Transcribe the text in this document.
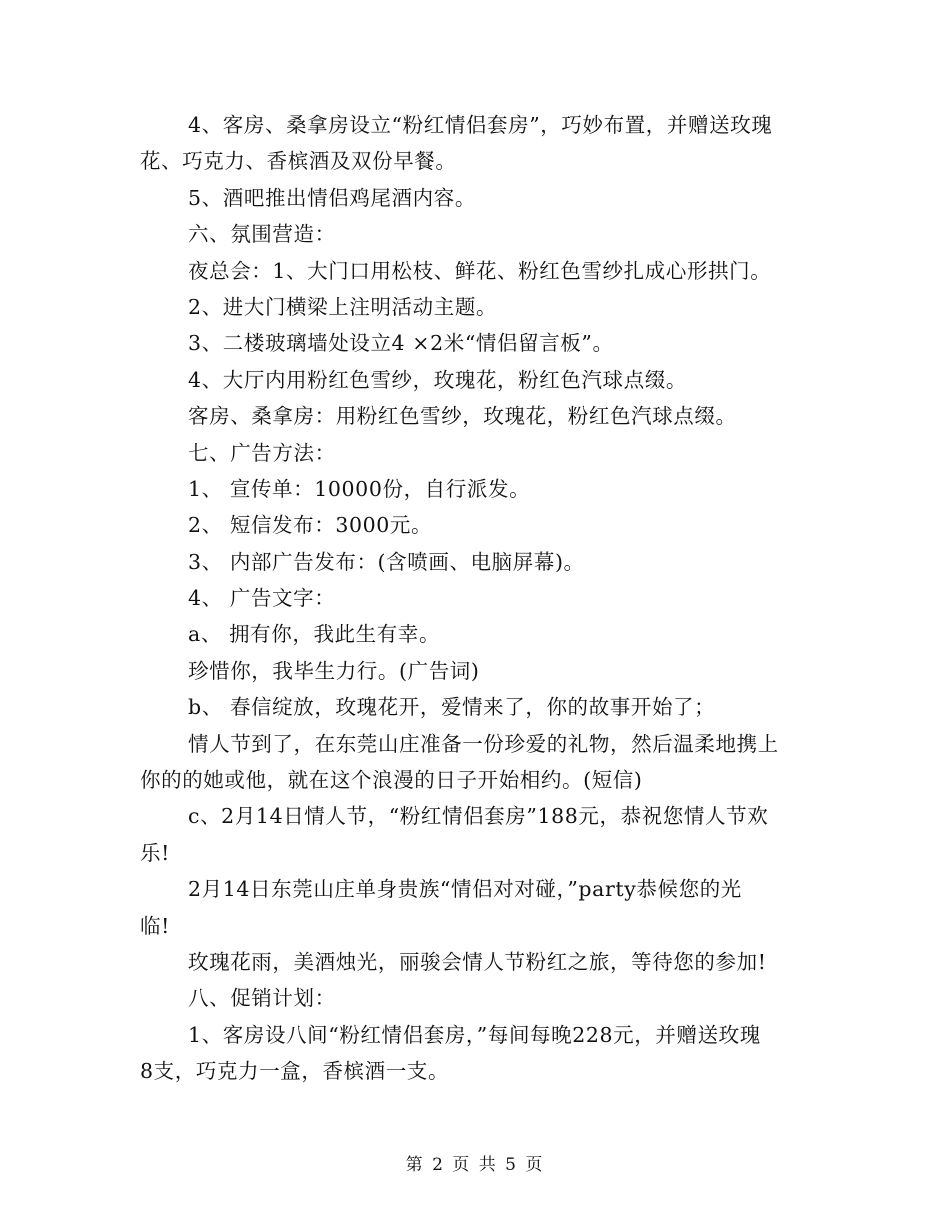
4、客房、桑拿房设立“粉红情侣套房”，巧妙布置，并赠送玫瑰
花、巧克力、香槟酒及双份早餐。
5、酒吧推出情侣鸡尾酒内容。
六、氛围营造：
夜总会：1、大门口用松枝、鲜花、粉红色雪纱扎成心形拱门。
2、进大门横梁上注明活动主题。
3、二楼玻璃墙处设立4 ×2米“情侣留言板”。
4、大厅内用粉红色雪纱，玫瑰花，粉红色汽球点缀。
客房、桑拿房：用粉红色雪纱，玫瑰花，粉红色汽球点缀。
七、广告方法：
1、 宣传单：10000份，自行派发。
2、 短信发布：3000元。
3、 内部广告发布：(含喷画、电脑屏幕)。
4、 广告文字：
a、 拥有你，我此生有幸。
珍惜你，我毕生力行。(广告词)
b、 春信绽放，玫瑰花开，爱情来了，你的故事开始了；
情人节到了，在东莞山庄准备一份珍爱的礼物，然后温柔地携上
你的的她或他，就在这个浪漫的日子开始相约。(短信)
c、2月14日情人节，“粉红情侣套房”188元，恭祝您情人节欢
乐!
2月14日东莞山庄单身贵族“情侣对对碰，”party恭候您的光
临!
玫瑰花雨，美酒烛光，丽骏会情人节粉红之旅，等待您的参加!
八、促销计划：
1、客房设八间“粉红情侣套房，”每间每晚228元，并赠送玫瑰
8支，巧克力一盒，香槟酒一支。
第 2 页 共 5 页
